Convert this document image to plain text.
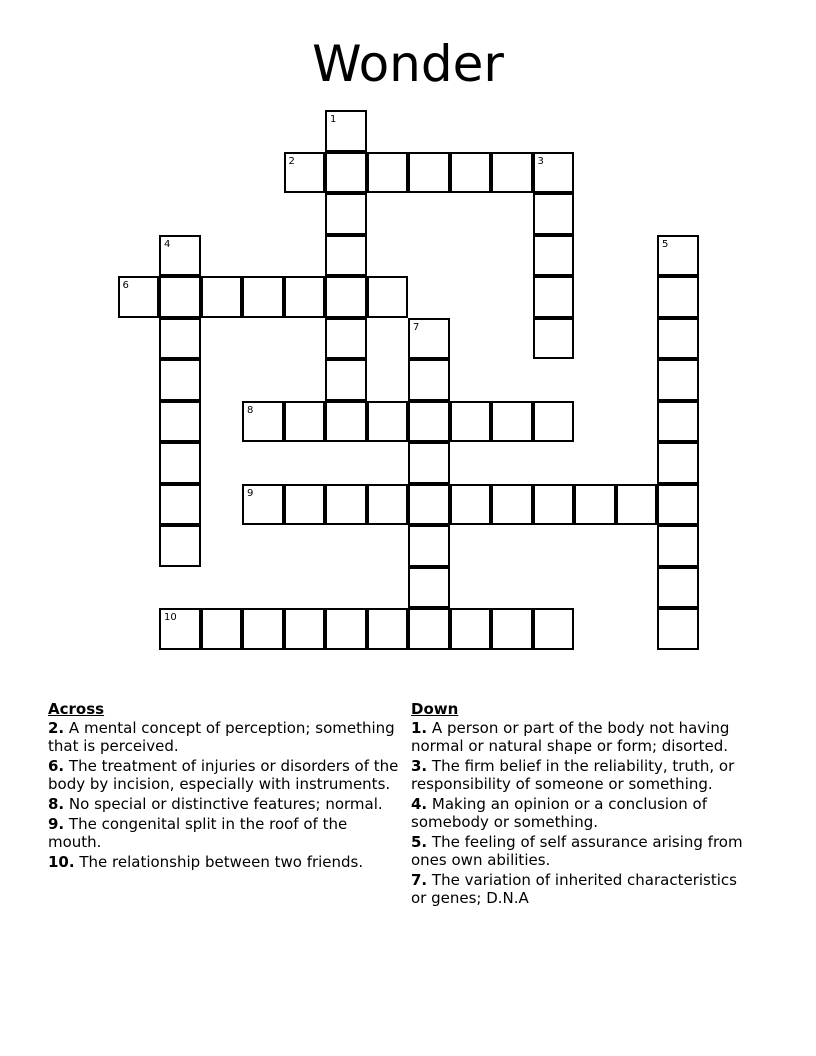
Wonder
1
2	3
4	5
6
7
8
9
10
Across
2. A mental concept of perception; something that is perceived.
6. The treatment of injuries or disorders of the body by incision, especially with instruments.
8. No special or distinctive features; normal.
9. The congenital split in the roof of the mouth.
10. The relationship between two friends.
Down
1. A person or part of the body not having normal or natural shape or form; disorted.
3. The firm belief in the reliability, truth, or responsibility of someone or something.
4. Making an opinion or a conclusion of somebody or something.
5. The feeling of self assurance arising from ones own abilities.
7. The variation of inherited characteristics or genes; D.N.A
